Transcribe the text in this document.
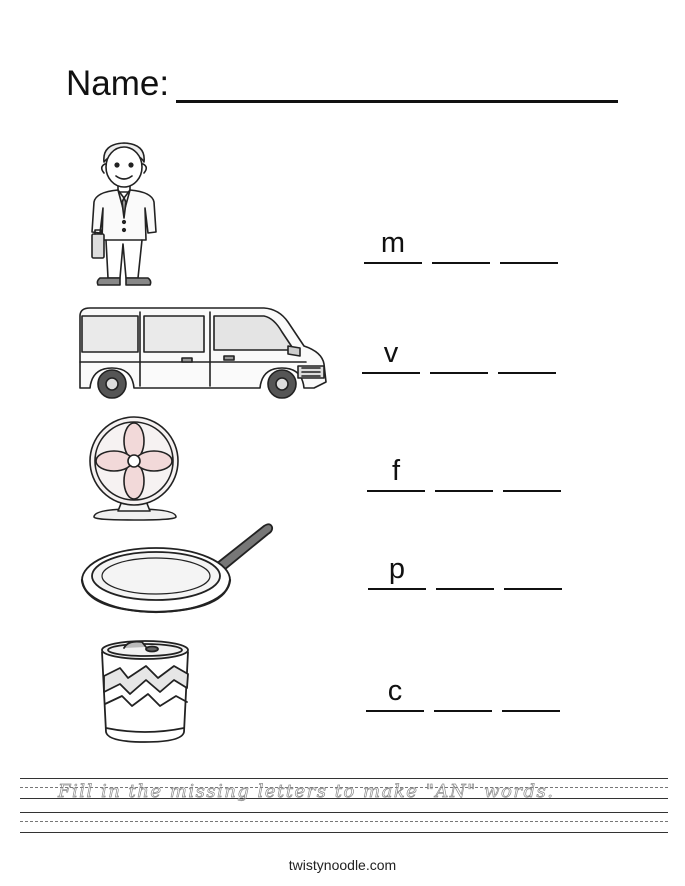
Name:
m
v
f
p
c
Fill in the missing letters to make "AN" words.
twistynoodle.com
